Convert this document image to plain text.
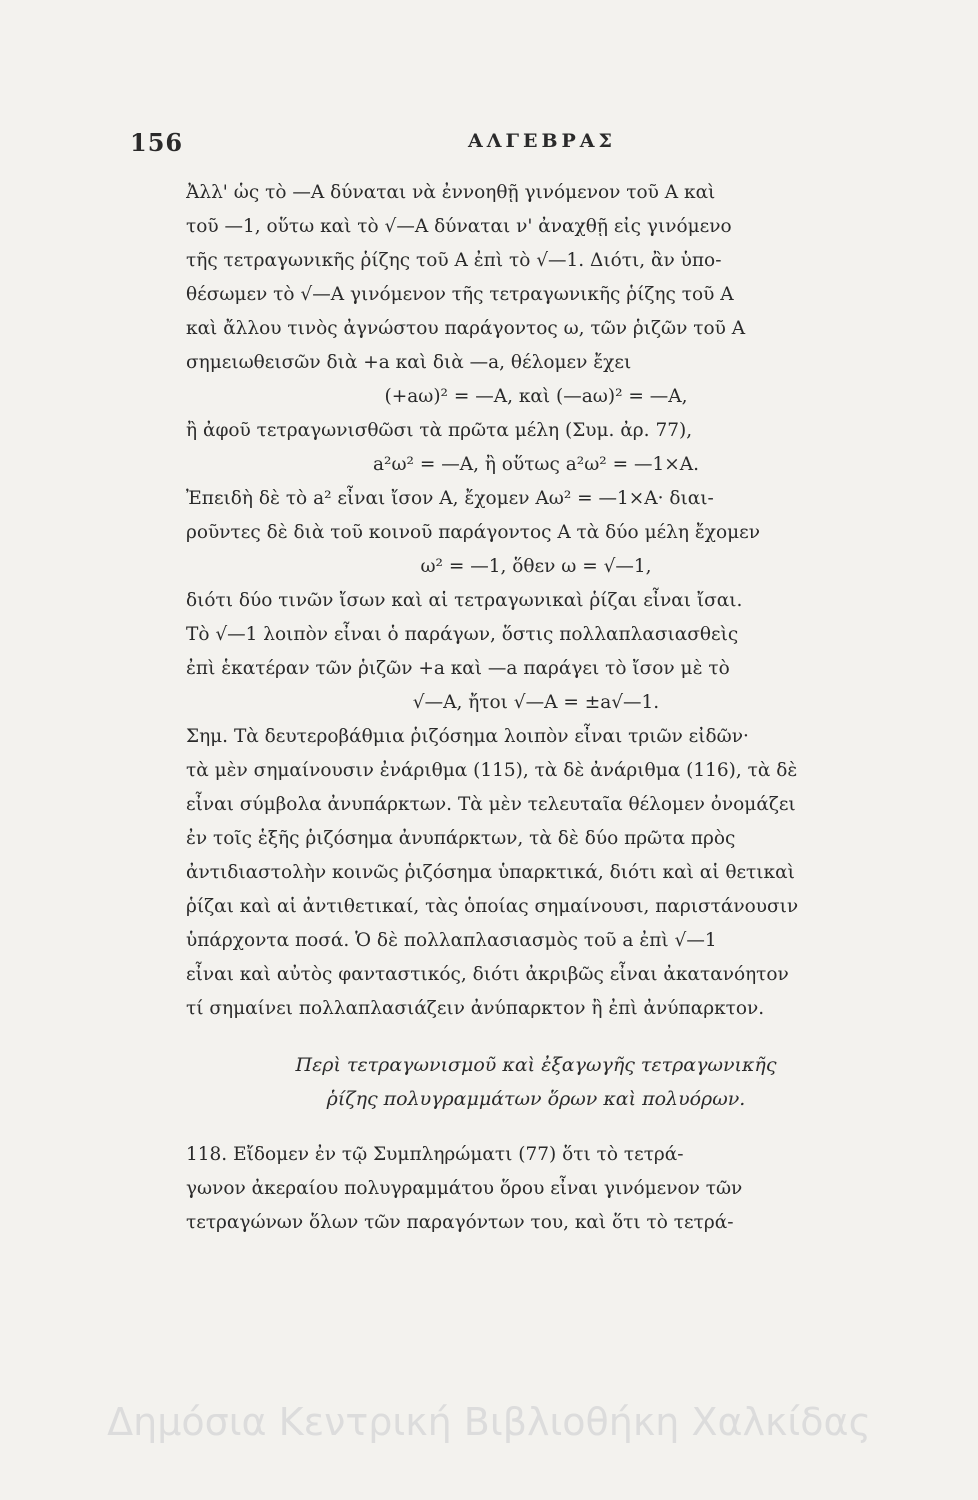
156	ΑΛΓΕΒΡΑΣ
Ἀλλ' ὡς τὸ —A δύναται νὰ ἐννοηθῇ γινόμενον τοῦ A καὶ
τοῦ —1, οὕτω καὶ τὸ √—A δύναται ν' ἀναχθῇ εἰς γινόμενο
τῆς τετραγωνικῆς ῥίζης τοῦ A ἐπὶ τὸ √—1. Διότι, ἂν ὑπο-
θέσωμεν τὸ √—A γινόμενον τῆς τετραγωνικῆς ῥίζης τοῦ A
καὶ ἄλλου τινὸς ἀγνώστου παράγοντος ω, τῶν ῥιζῶν τοῦ A
σημειωθεισῶν διὰ +a καὶ διὰ —a, θέλομεν ἔχει
(+aω)² = —A, καὶ (—aω)² = —A,
ἢ ἀφοῦ τετραγωνισθῶσι τὰ πρῶτα μέλη (Συμ. ἀρ. 77),
a²ω² = —A, ἢ οὕτως a²ω² = —1×A.
Ἐπειδὴ δὲ τὸ a² εἶναι ἴσον A, ἔχομεν Aω² = —1×A· διαι-
ροῦντες δὲ διὰ τοῦ κοινοῦ παράγοντος A τὰ δύο μέλη ἔχομεν
ω² = —1, ὅθεν ω = √—1,
διότι δύο τινῶν ἴσων καὶ αἱ τετραγωνικαὶ ῥίζαι εἶναι ἴσαι.
Τὸ √—1 λοιπὸν εἶναι ὁ παράγων, ὅστις πολλαπλασιασθεὶς
ἐπὶ ἑκατέραν τῶν ῥιζῶν +a καὶ —a παράγει τὸ ἴσον μὲ τὸ
√—A, ἤτοι √—A = ±a√—1.
Σημ. Τὰ δευτεροβάθμια ῥιζόσημα λοιπὸν εἶναι τριῶν εἰδῶν·
τὰ μὲν σημαίνουσιν ἐνάριθμα (115), τὰ δὲ ἀνάριθμα (116), τὰ δὲ
εἶναι σύμβολα ἀνυπάρκτων. Τὰ μὲν τελευταῖα θέλομεν ὀνομάζει
ἐν τοῖς ἑξῆς ῥιζόσημα ἀνυπάρκτων, τὰ δὲ δύο πρῶτα πρὸς
ἀντιδιαστολὴν κοινῶς ῥιζόσημα ὑπαρκτικά, διότι καὶ αἱ θετικαὶ
ῥίζαι καὶ αἱ ἀντιθετικαί, τὰς ὁποίας σημαίνουσι, παριστάνουσιν
ὑπάρχοντα ποσά. Ὁ δὲ πολλαπλασιασμὸς τοῦ a ἐπὶ √—1
εἶναι καὶ αὐτὸς φανταστικός, διότι ἀκριβῶς εἶναι ἀκατανόητον
τί σημαίνει πολλαπλασιάζειν ἀνύπαρκτον ἢ ἐπὶ ἀνύπαρκτον.
Περὶ τετραγωνισμοῦ καὶ ἐξαγωγῆς τετραγωνικῆς
ῥίζης πολυγραμμάτων ὅρων καὶ πολυόρων.
118. Εἴδομεν ἐν τῷ Συμπληρώματι (77) ὅτι τὸ τετρά-
γωνον ἀκεραίου πολυγραμμάτου ὅρου εἶναι γινόμενον τῶν
τετραγώνων ὅλων τῶν παραγόντων του, καὶ ὅτι τὸ τετρά-
Δημόσια Κεντρική Βιβλιοθήκη Χαλκίδας
